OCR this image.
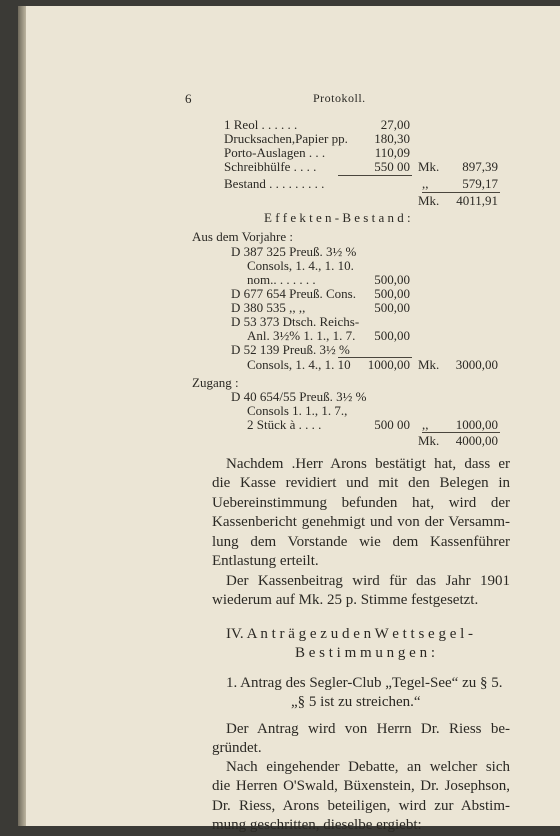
6	Protokoll.
1 Reol . . . . . .	27,00
Drucksachen,Papier pp.	180,30
Porto-Auslagen . . .	110,09
Schreibhülfe . . . .	550 00 Mk.	897,39
Bestand . . . . . . . . .	,,	579,17
Mk.	4011,91
E f f e k t e n - B e s t a n d :
Aus dem Vorjahre :
D 387 325 Preuß. 3½ %
Consols, 1. 4., 1. 10.
nom.. . . . . . .	500,00
D 677 654 Preuß. Cons.	500,00
D 380 535 ,, ,,	500,00
D 53 373 Dtsch. Reichs-
Anl. 3½% 1. 1., 1. 7.	500,00
D 52 139 Preuß. 3½ %
Consols, 1. 4., 1. 10	1000,00 Mk.	3000,00
Zugang :
D 40 654/55 Preuß. 3½ %
Consols 1. 1., 1. 7.,
2 Stück à . . . .	500 00 ,,	1000,00
Mk.	4000,00
Nachdem .Herr Arons bestätigt hat, dass er
die Kasse revidiert und mit den Belegen in
Uebereinstimmung befunden hat, wird der
Kassenbericht genehmigt und von der Versamm-
lung dem Vorstande wie dem Kassenführer
Entlastung erteilt.
Der Kassenbeitrag wird für das Jahr 1901
wiederum auf Mk. 25 p. Stimme festgesetzt.
IV. A n t r ä g e z u d e n W e t t s e g e l -
B e s t i m m u n g e n :
1. Antrag des Segler-Club „Tegel-See“ zu § 5.
„§ 5 ist zu streichen.“
Der Antrag wird von Herrn Dr. Riess be-
gründet.
Nach eingehender Debatte, an welcher sich
die Herren O'Swald, Büxenstein, Dr. Josephson,
Dr. Riess, Arons beteiligen, wird zur Abstim-
mung geschritten, dieselbe ergiebt:
